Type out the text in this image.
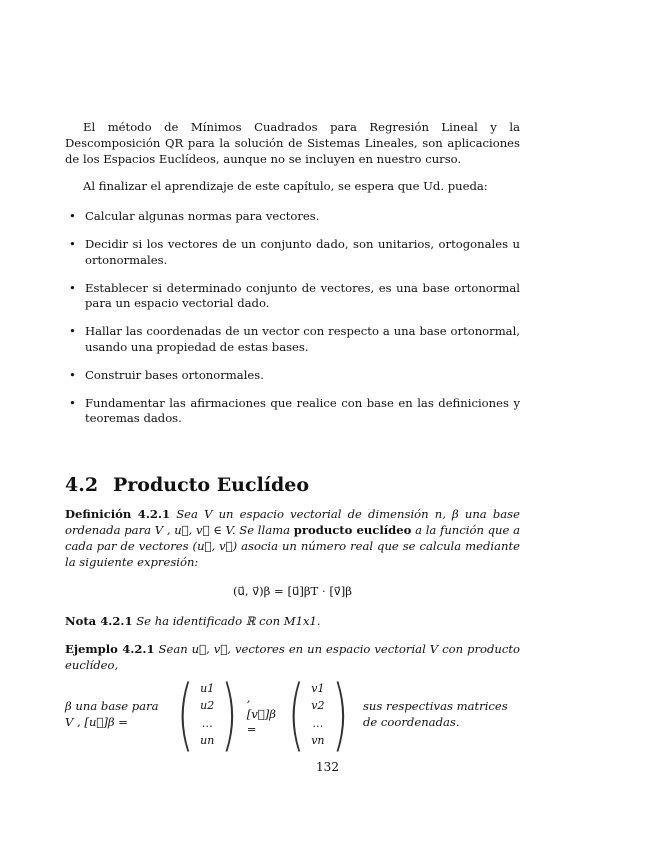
El método de Mínimos Cuadrados para Regresión Lineal y la Descomposición QR para la solución de Sistemas Lineales, son aplicaciones de los Espacios Euclídeos, aunque no se incluyen en nuestro curso.

Al finalizar el aprendizaje de este capítulo, se espera que Ud. pueda:

• Calcular algunas normas para vectores.
• Decidir si los vectores de un conjunto dado, son unitarios, ortogonales u ortonormales.
• Establecer si determinado conjunto de vectores, es una base ortonormal para un espacio vectorial dado.
• Hallar las coordenadas de un vector con respecto a una base ortonormal, usando una propiedad de estas bases.
• Construir bases ortonormales.
• Fundamentar las afirmaciones que realice con base en las definiciones y teoremas dados.
4.2 Producto Euclídeo

Definición 4.2.1 Sea V un espacio vectorial de dimensión n, β una base ordenada para V , u⃗, v⃗ ∈ V. Se llama producto euclídeo a la función que a cada par de vectores (u⃗, v⃗) asocia un número real que se calcula mediante la siguiente expresión:

(u⃗, v⃗)β = [u⃗]βT · [v⃗]β

Nota 4.2.1 Se ha identificado ℝ con M1x1.

Ejemplo 4.2.1 Sean u⃗, v⃗, vectores en un espacio vectorial V con producto euclídeo,

β una base para V , [u⃗]β = ( u1
u2
…
un ) , [v⃗]β = ( v1
v2
…
vn ) sus respectivas matrices de coordenadas.
132
